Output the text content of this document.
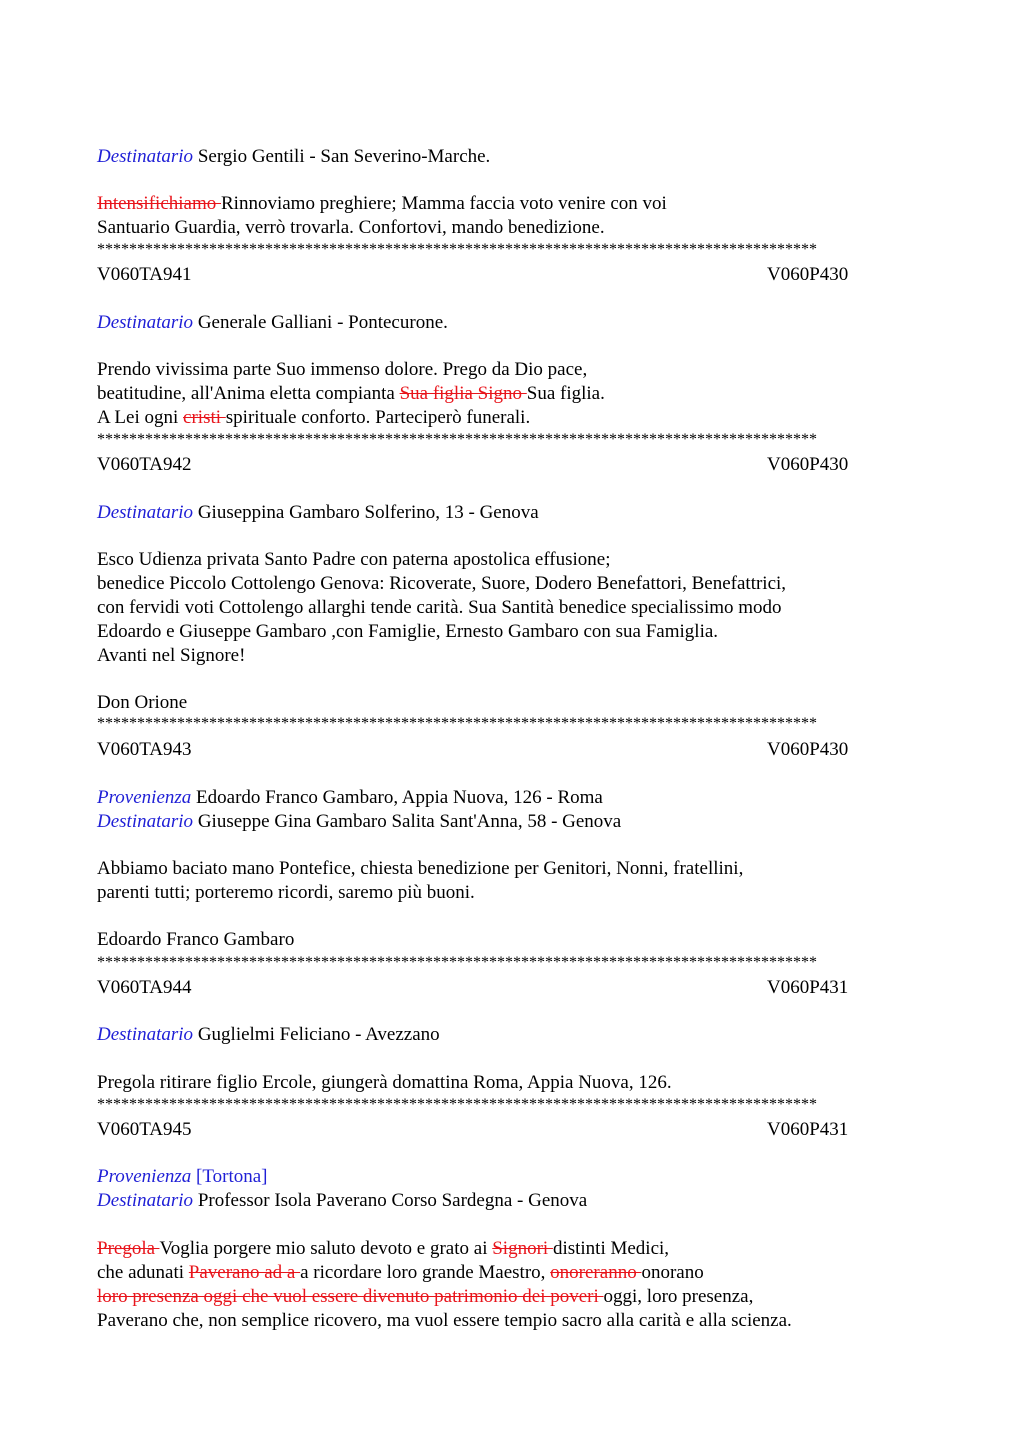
Destinatario Sergio Gentili - San Severino-Marche.
Intensifichiamo Rinnoviamo preghiere; Mamma faccia voto venire con voi
Santuario Guardia, verrò trovarla. Confortovi, mando benedizione.
******************************************************************************************
V060TA941	V060P430
Destinatario Generale Galliani - Pontecurone.
Prendo vivissima parte Suo immenso dolore. Prego da Dio pace,
beatitudine, all'Anima eletta compianta Sua figlia Signo Sua figlia.
A Lei ogni cristi spirituale conforto. Parteciperò funerali.
******************************************************************************************
V060TA942	V060P430
Destinatario Giuseppina Gambaro Solferino, 13 - Genova
Esco Udienza privata Santo Padre con paterna apostolica effusione;
benedice Piccolo Cottolengo Genova: Ricoverate, Suore, Dodero Benefattori, Benefattrici,
con fervidi voti Cottolengo allarghi tende carità. Sua Santità benedice specialissimo modo
Edoardo e Giuseppe Gambaro ,con Famiglie, Ernesto Gambaro con sua Famiglia.
Avanti nel Signore!
Don Orione
******************************************************************************************
V060TA943	V060P430
Provenienza Edoardo Franco Gambaro, Appia Nuova, 126 - Roma
Destinatario Giuseppe Gina Gambaro Salita Sant'Anna, 58 - Genova
Abbiamo baciato mano Pontefice, chiesta benedizione per Genitori, Nonni, fratellini,
parenti tutti; porteremo ricordi, saremo più buoni.
Edoardo Franco Gambaro
******************************************************************************************
V060TA944	V060P431
Destinatario Guglielmi Feliciano - Avezzano
Pregola ritirare figlio Ercole, giungerà domattina Roma, Appia Nuova, 126.
******************************************************************************************
V060TA945	V060P431
Provenienza [Tortona]
Destinatario Professor Isola Paverano Corso Sardegna - Genova
Pregola Voglia porgere mio saluto devoto e grato ai Signori distinti Medici,
che adunati Paverano ad a a ricordare loro grande Maestro, onoreranno onorano
loro presenza oggi che vuol essere divenuto patrimonio dei poveri oggi, loro presenza,
Paverano che, non semplice ricovero, ma vuol essere tempio sacro alla carità e alla scienza.
